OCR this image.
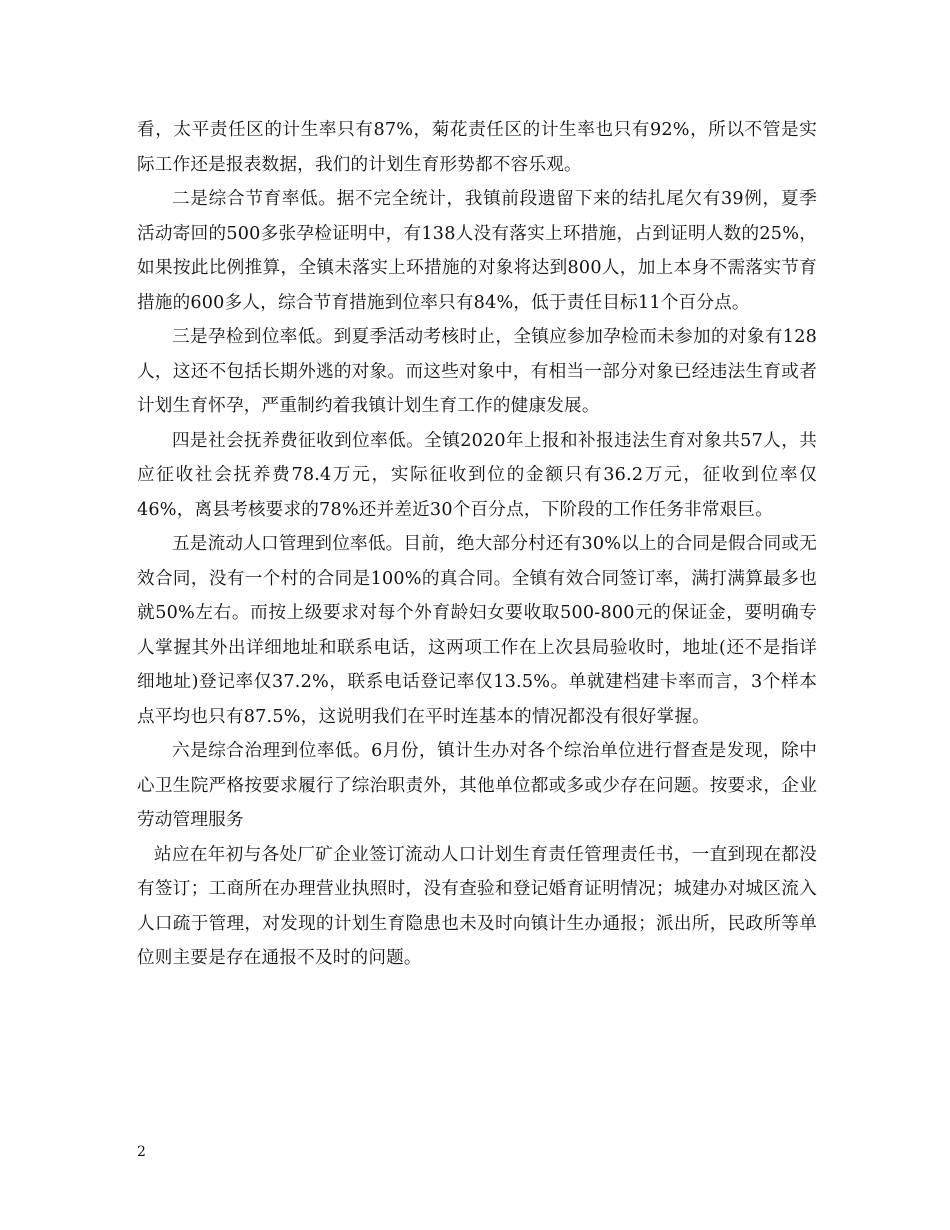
看，太平责任区的计生率只有87%，菊花责任区的计生率也只有92%，所以不管是实际工作还是报表数据，我们的计划生育形势都不容乐观。

二是综合节育率低。据不完全统计，我镇前段遗留下来的结扎尾欠有39例，夏季活动寄回的500多张孕检证明中，有138人没有落实上环措施，占到证明人数的25%，如果按此比例推算，全镇未落实上环措施的对象将达到800人，加上本身不需落实节育措施的600多人，综合节育措施到位率只有84%，低于责任目标11个百分点。

三是孕检到位率低。到夏季活动考核时止，全镇应参加孕检而未参加的对象有128人，这还不包括长期外逃的对象。而这些对象中，有相当一部分对象已经违法生育或者计划生育怀孕，严重制约着我镇计划生育工作的健康发展。

四是社会抚养费征收到位率低。全镇2020年上报和补报违法生育对象共57人，共应征收社会抚养费78.4万元，实际征收到位的金额只有36.2万元，征收到位率仅46%，离县考核要求的78%还并差近30个百分点，下阶段的工作任务非常艰巨。

五是流动人口管理到位率低。目前，绝大部分村还有30%以上的合同是假合同或无效合同，没有一个村的合同是100%的真合同。全镇有效合同签订率，满打满算最多也就50%左右。而按上级要求对每个外育龄妇女要收取500-800元的保证金，要明确专人掌握其外出详细地址和联系电话，这两项工作在上次县局验收时，地址(还不是指详细地址)登记率仅37.2%，联系电话登记率仅13.5%。单就建档建卡率而言，3个样本点平均也只有87.5%，这说明我们在平时连基本的情况都没有很好掌握。

六是综合治理到位率低。6月份，镇计生办对各个综治单位进行督查是发现，除中心卫生院严格按要求履行了综治职责外，其他单位都或多或少存在问题。按要求，企业劳动管理服务

站应在年初与各处厂矿企业签订流动人口计划生育责任管理责任书，一直到现在都没有签订；工商所在办理营业执照时，没有查验和登记婚育证明情况；城建办对城区流入人口疏于管理，对发现的计划生育隐患也未及时向镇计生办通报；派出所，民政所等单位则主要是存在通报不及时的问题。

2
